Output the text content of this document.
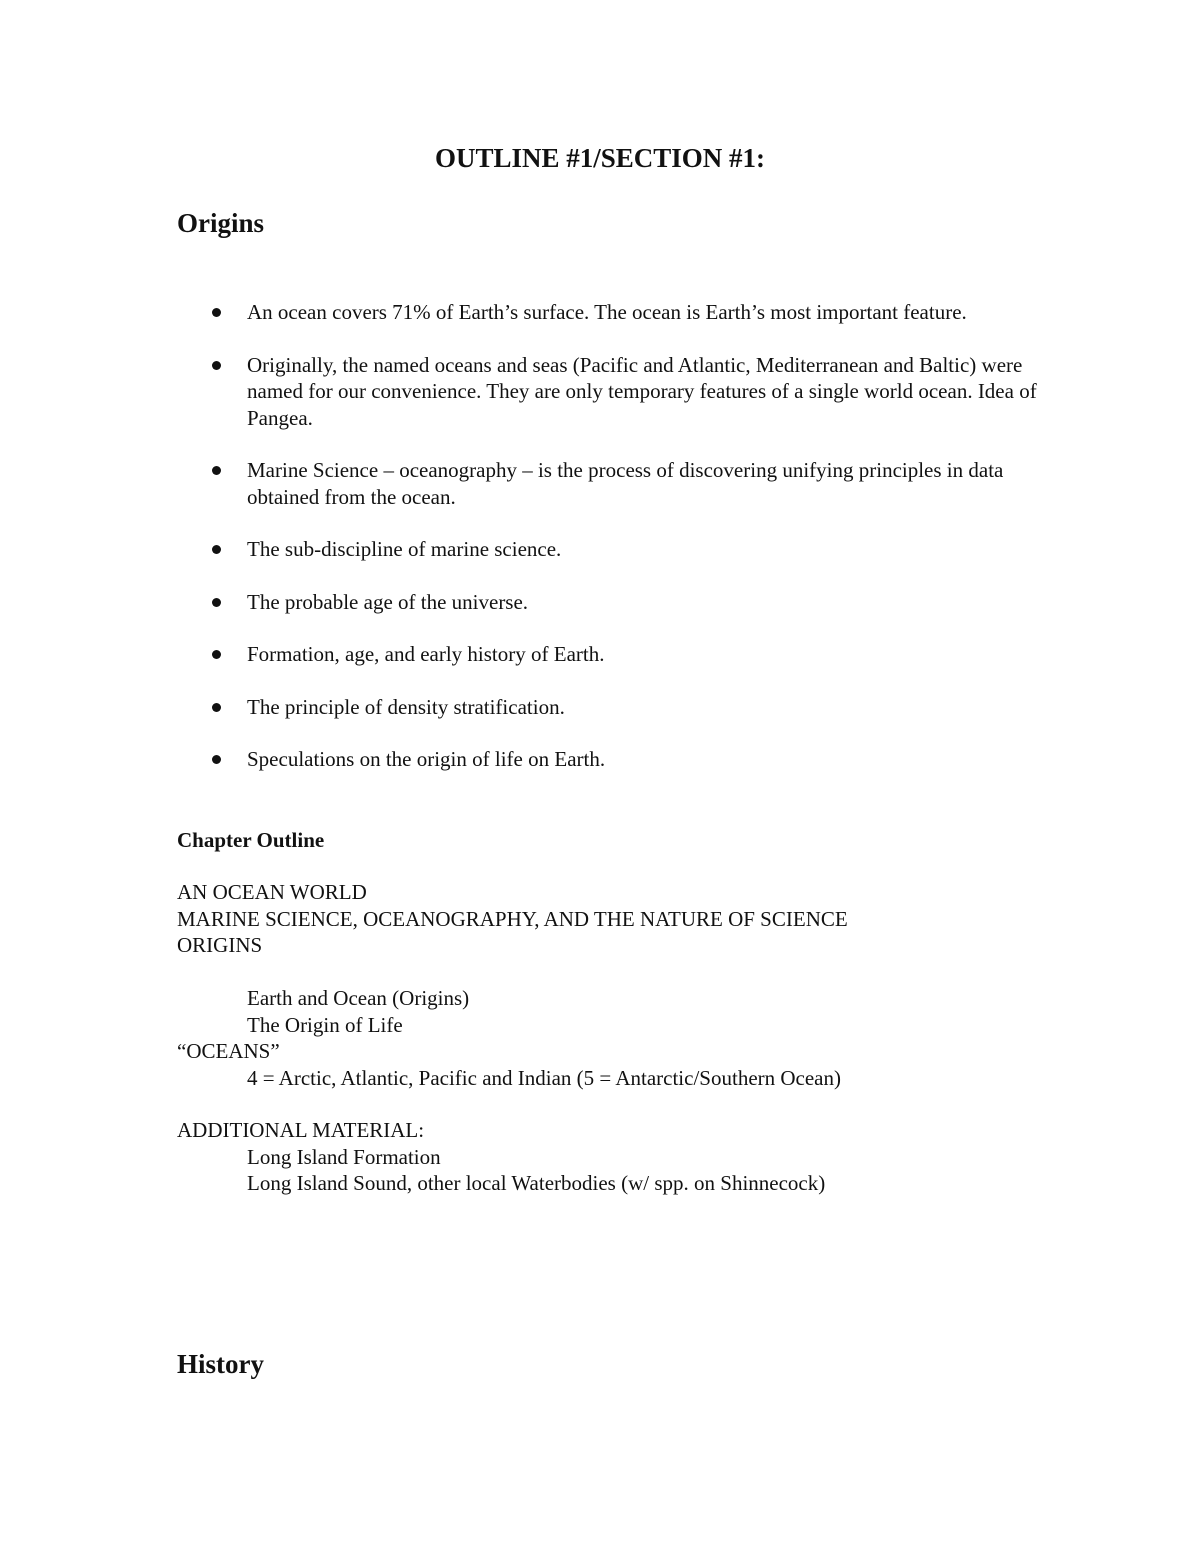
OUTLINE #1/SECTION #1:
Origins
An ocean covers 71% of Earth’s surface. The ocean is Earth’s most important feature.
Originally, the named oceans and seas (Pacific and Atlantic, Mediterranean and Baltic) were named for our convenience. They are only temporary features of a single world ocean. Idea of Pangea.
Marine Science – oceanography – is the process of discovering unifying principles in data obtained from the ocean.
The sub-discipline of marine science.
The probable age of the universe.
Formation, age, and early history of Earth.
The principle of density stratification.
Speculations on the origin of life on Earth.
Chapter Outline
AN OCEAN WORLD
MARINE SCIENCE, OCEANOGRAPHY, AND THE NATURE OF SCIENCE
ORIGINS

Earth and Ocean (Origins)
The Origin of Life
“OCEANS”
4 = Arctic, Atlantic, Pacific and Indian (5 = Antarctic/Southern Ocean)
ADDITIONAL MATERIAL:
Long Island Formation
Long Island Sound, other local Waterbodies (w/ spp. on Shinnecock)
History
